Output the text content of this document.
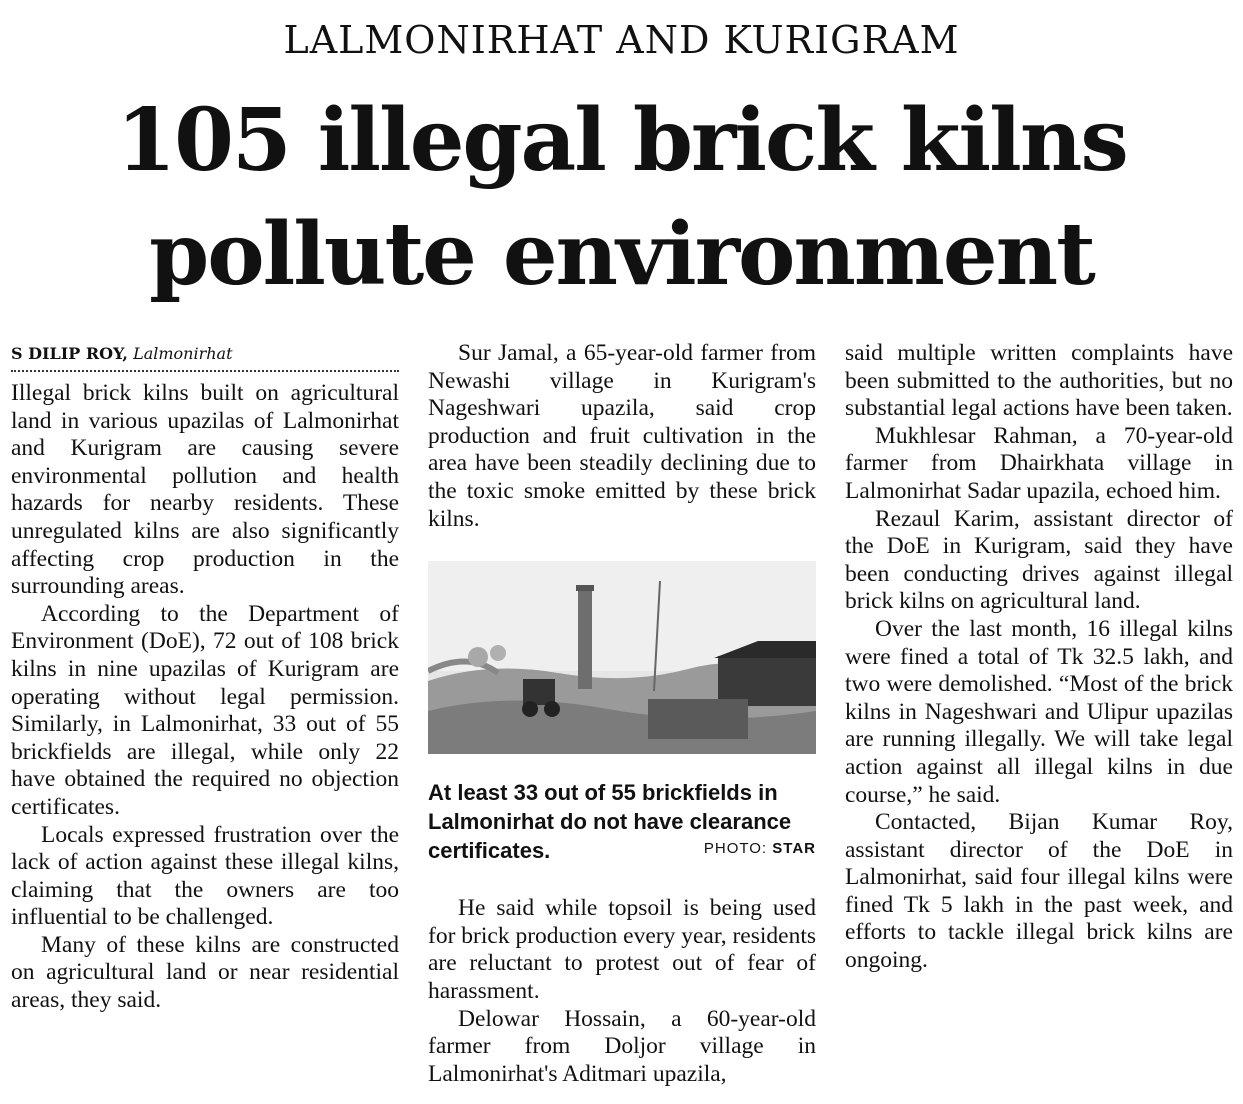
LALMONIRHAT AND KURIGRAM
105 illegal brick kilns
pollute environment
S DILIP ROY, Lalmonirhat

Illegal brick kilns built on agricultural land in various upazilas of Lalmonirhat and Kurigram are causing severe environmental pollution and health hazards for nearby residents. These unregulated kilns are also significantly affecting crop production in the surrounding areas.

According to the Department of Environment (DoE), 72 out of 108 brick kilns in nine upazilas of Kurigram are operating without legal permission. Similarly, in Lalmonirhat, 33 out of 55 brickfields are illegal, while only 22 have obtained the required no objection certificates.

Locals expressed frustration over the lack of action against these illegal kilns, claiming that the owners are too influential to be challenged.

Many of these kilns are constructed on agricultural land or near residential areas, they said.

Sur Jamal, a 65-year-old farmer from Newashi village in Kurigram's Nageshwari upazila, said crop production and fruit cultivation in the area have been steadily declining due to the toxic smoke emitted by these brick kilns.

At least 33 out of 55 brickfields in Lalmonirhat do not have clearance certificates.	PHOTO: STAR

He said while topsoil is being used for brick production every year, residents are reluctant to protest out of fear of harassment.

Delowar Hossain, a 60-year-old farmer from Doljor village in Lalmonirhat's Aditmari upazila,

said multiple written complaints have been submitted to the authorities, but no substantial legal actions have been taken.

Mukhlesar Rahman, a 70-year-old farmer from Dhairkhata village in Lalmonirhat Sadar upazila, echoed him.

Rezaul Karim, assistant director of the DoE in Kurigram, said they have been conducting drives against illegal brick kilns on agricultural land.

Over the last month, 16 illegal kilns were fined a total of Tk 32.5 lakh, and two were demolished. “Most of the brick kilns in Nageshwari and Ulipur upazilas are running illegally. We will take legal action against all illegal kilns in due course,” he said.

Contacted, Bijan Kumar Roy, assistant director of the DoE in Lalmonirhat, said four illegal kilns were fined Tk 5 lakh in the past week, and efforts to tackle illegal brick kilns are ongoing.
